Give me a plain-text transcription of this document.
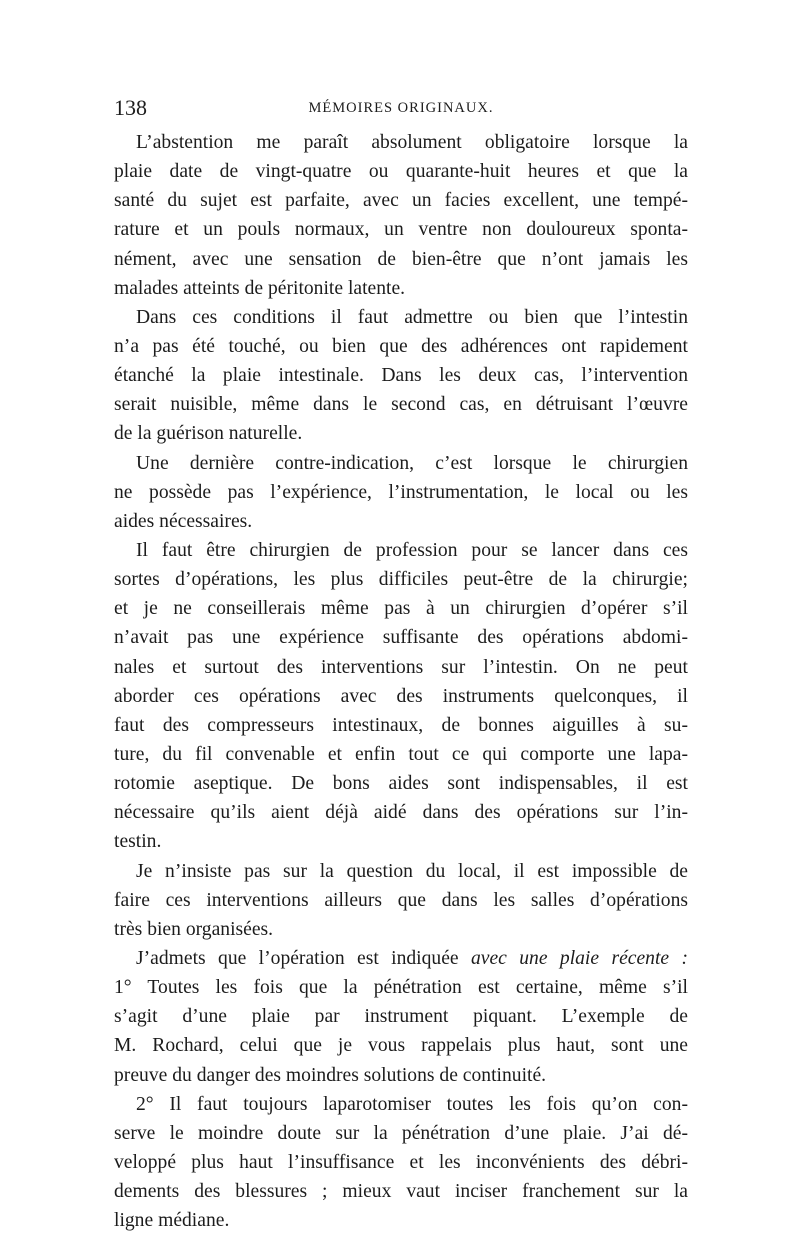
138	MÉMOIRES ORIGINAUX.
L’abstention me paraît absolument obligatoire lorsque la
plaie date de vingt-quatre ou quarante-huit heures et que la
santé du sujet est parfaite, avec un facies excellent, une tempé-
rature et un pouls normaux, un ventre non douloureux sponta-
nément, avec une sensation de bien-être que n’ont jamais les
malades atteints de péritonite latente.
Dans ces conditions il faut admettre ou bien que l’intestin
n’a pas été touché, ou bien que des adhérences ont rapidement
étanché la plaie intestinale. Dans les deux cas, l’intervention
serait nuisible, même dans le second cas, en détruisant l’œuvre
de la guérison naturelle.
Une dernière contre-indication, c’est lorsque le chirurgien
ne possède pas l’expérience, l’instrumentation, le local ou les
aides nécessaires.
Il faut être chirurgien de profession pour se lancer dans ces
sortes d’opérations, les plus difficiles peut-être de la chirurgie;
et je ne conseillerais même pas à un chirurgien d’opérer s’il
n’avait pas une expérience suffisante des opérations abdomi-
nales et surtout des interventions sur l’intestin. On ne peut
aborder ces opérations avec des instruments quelconques, il
faut des compresseurs intestinaux, de bonnes aiguilles à su-
ture, du fil convenable et enfin tout ce qui comporte une lapa-
rotomie aseptique. De bons aides sont indispensables, il est
nécessaire qu’ils aient déjà aidé dans des opérations sur l’in-
testin.
Je n’insiste pas sur la question du local, il est impossible de
faire ces interventions ailleurs que dans les salles d’opérations
très bien organisées.
J’admets que l’opération est indiquée avec une plaie récente :
1° Toutes les fois que la pénétration est certaine, même s’il
s’agit d’une plaie par instrument piquant. L’exemple de
M. Rochard, celui que je vous rappelais plus haut, sont une
preuve du danger des moindres solutions de continuité.
2° Il faut toujours laparotomiser toutes les fois qu’on con-
serve le moindre doute sur la pénétration d’une plaie. J’ai dé-
veloppé plus haut l’insuffisance et les inconvénients des débri-
dements des blessures ; mieux vaut inciser franchement sur la
ligne médiane.
